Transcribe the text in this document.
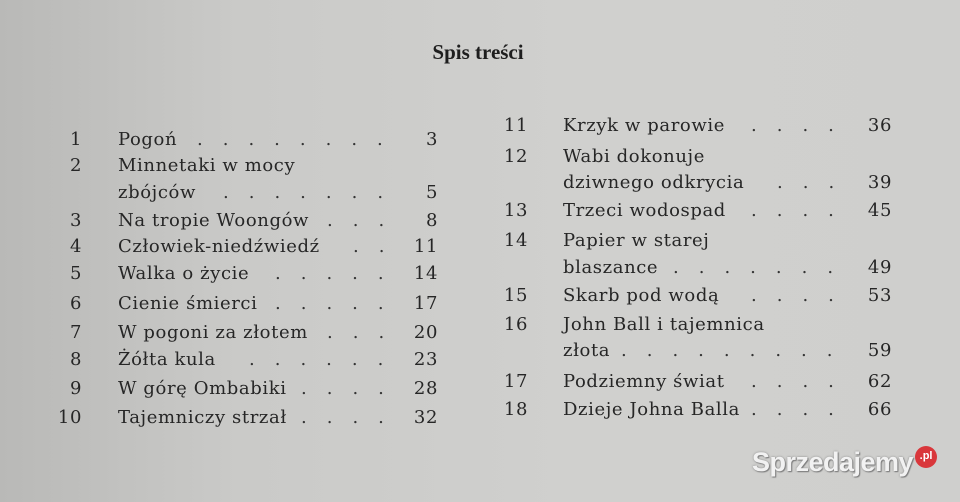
Spis treści
1 Pogoń ........	3
2 Minnetaki w mocy
zbójców .......	5
3 Na tropie Woongów ...	8
4 Człowiek-niedźwiedź .. 11
5 Walka o życie ..... 14
6 Cienie śmierci ..... 17
7 W pogoni za złotem ... 20
8 Żółta kula ...... 23
9 W górę Ombabiki .... 28
10 Tajemniczy strzał .... 32
11 Krzyk w parowie .... 36
12 Wabi dokonuje
dziwnego odkrycia ... 39
13 Trzeci wodospad .... 45
14 Papier w starej
blaszance ....... 49
15 Skarb pod wodą .... 53
16 John Ball i tajemnica
złota ......... 59
17 Podziemny świat .... 62
18 Dzieje Johna Balla .... 66
Sprzedajemy .pl
